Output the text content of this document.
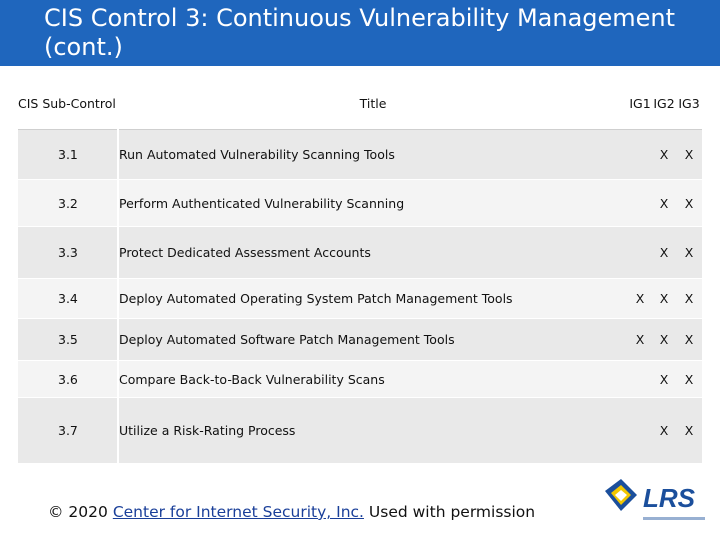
CIS Control 3: Continuous Vulnerability Management (cont.)
CIS Sub-Control	Title	IG1	IG2	IG3
3.1	Run Automated Vulnerability Scanning Tools		X	X
3.2	Perform Authenticated Vulnerability Scanning		X	X
3.3	Protect Dedicated Assessment Accounts		X	X
3.4	Deploy Automated Operating System Patch Management Tools	X	X	X
3.5	Deploy Automated Software Patch Management Tools	X	X	X
3.6	Compare Back-to-Back Vulnerability Scans		X	X
3.7	Utilize a Risk-Rating Process		X	X
© 2020 Center for Internet Security, Inc. Used with permission	LRS
